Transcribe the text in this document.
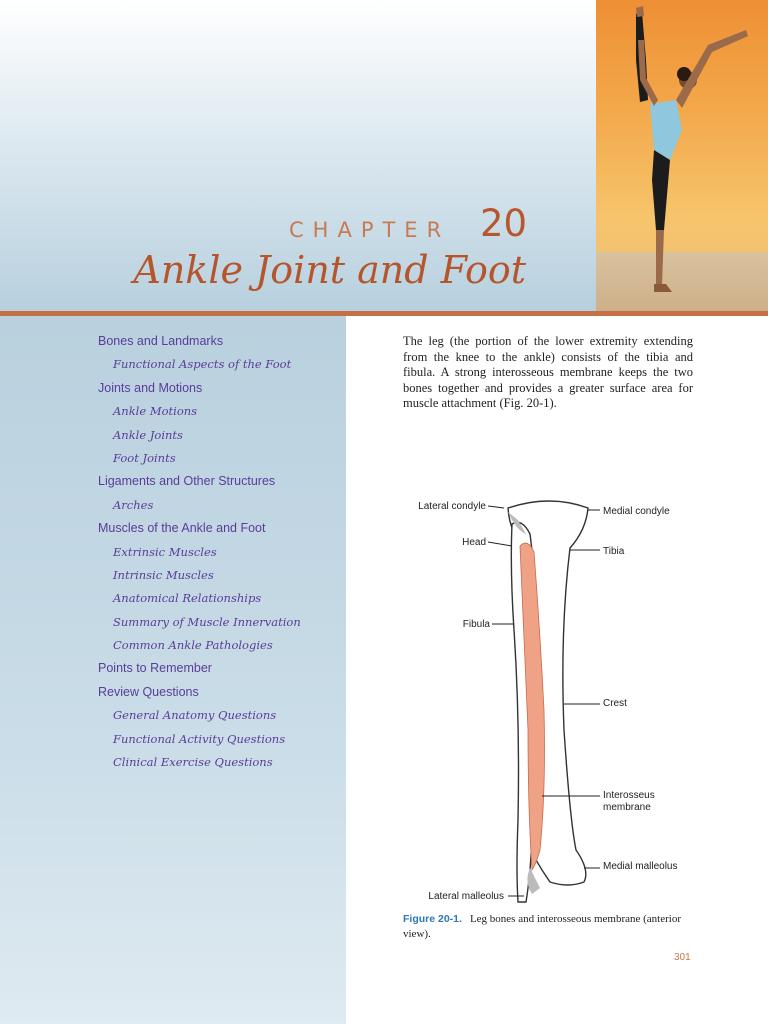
CHAPTER 20
Ankle Joint and Foot
Bones and Landmarks
Functional Aspects of the Foot
Joints and Motions
Ankle Motions
Ankle Joints
Foot Joints
Ligaments and Other Structures
Arches
Muscles of the Ankle and Foot
Extrinsic Muscles
Intrinsic Muscles
Anatomical Relationships
Summary of Muscle Innervation
Common Ankle Pathologies
Points to Remember
Review Questions
General Anatomy Questions
Functional Activity Questions
Clinical Exercise Questions

The leg (the portion of the lower extremity extending from the knee to the ankle) consists of the tibia and fibula. A strong interosseous membrane keeps the two bones together and provides a greater surface area for muscle attachment (Fig. 20-1).

Lateral condyle
Head
Fibula
Lateral malleolus
Medial condyle
Tibia
Crest
Interosseus
membrane
Medial malleolus
Figure 20-1. Leg bones and interosseous membrane (anterior view).
301
